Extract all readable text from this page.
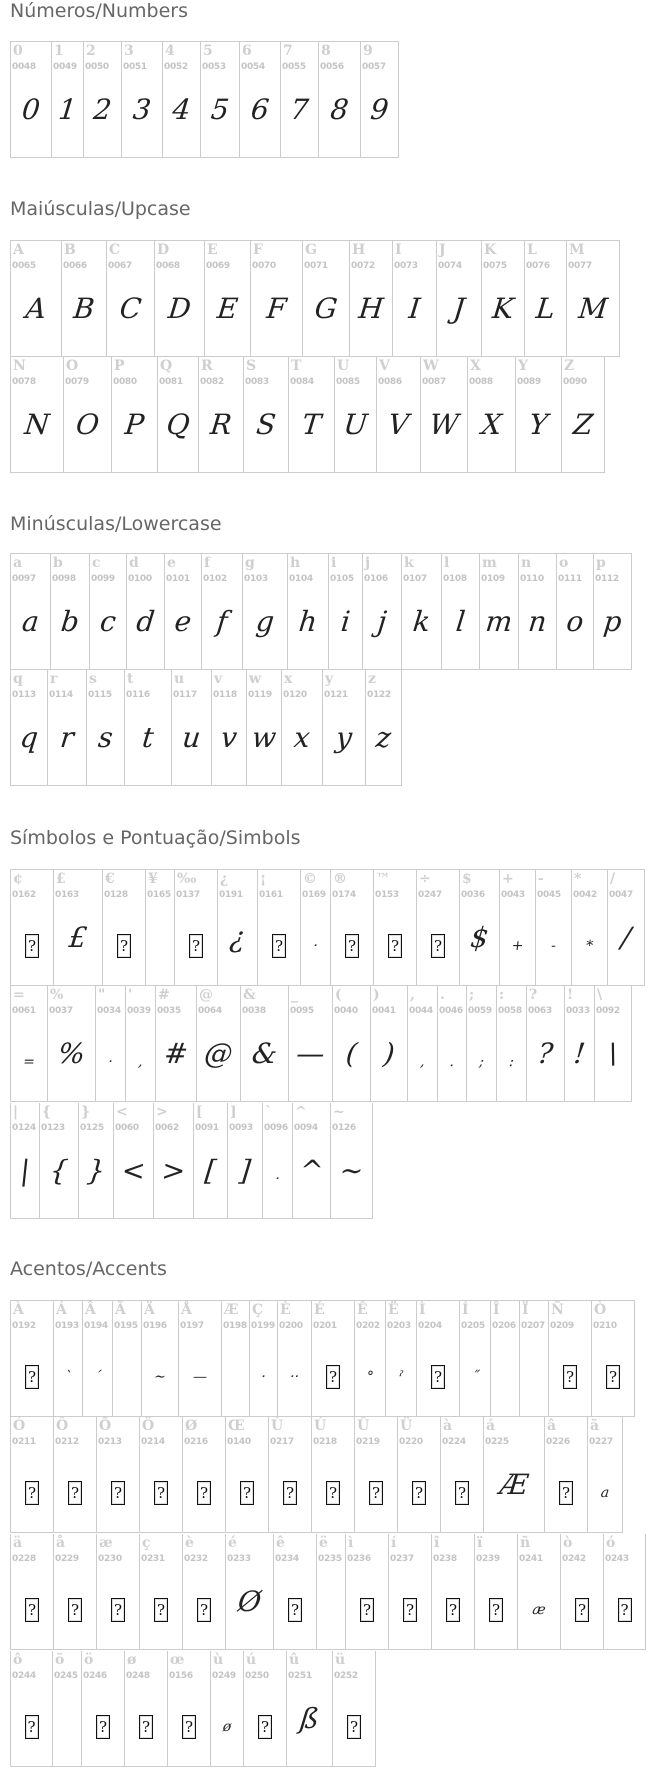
Números/Numbers
0
0048
0
1
0049
1
2
0050
2
3
0051
3
4
0052
4
5
0053
5
6
0054
6
7
0055
7
8
0056
8
9
0057
9
Maiúsculas/Upcase
A
0065
A
B
0066
B
C
0067
C
D
0068
D
E
0069
E
F
0070
F
G
0071
G
H
0072
H
I
0073
I
J
0074
J
K
0075
K
L
0076
L
M
0077
M
N
0078
N
O
0079
O
P
0080
P
Q
0081
Q
R
0082
R
S
0083
S
T
0084
T
U
0085
U
V
0086
V
W
0087
W
X
0088
X
Y
0089
Y
Z
0090
Z
Minúsculas/Lowercase
a
0097
a
b
0098
b
c
0099
c
d
0100
d
e
0101
e
f
0102
f
g
0103
g
h
0104
h
i
0105
i
j
0106
j
k
0107
k
l
0108
l
m
0109
m
n
0110
n
o
0111
o
p
0112
p
q
0113
q
r
0114
r
s
0115
s
t
0116
t
u
0117
u
v
0118
v
w
0119
w
x
0120
x
y
0121
y
z
0122
z
Símbolos e Pontuação/Simbols
¢
0162
?
£
0163
£
€
0128
?
¥
0165
‰
0137
?
¿
0191
¿
¡
0161
?
©
0169
·
®
0174
?
™
0153
?
÷
0247
?
$
0036
$
+
0043
+
-
0045
-
*
0042
*
/
0047
/
=
0061
=
%
0037
%
"
0034
·
'
0039
,
#
0035
#
@
0064
@
&
0038
&
_
0095
—
(
0040
(
)
0041
)
,
0044
,
.
0046
.
;
0059
;
:
0058
:
?
0063
?
!
0033
!
\
0092
\
|
0124
|
{
0123
{
}
0125
}
<
0060
<
>
0062
>
[
0091
[
]
0093
]
`
0096
·
^
0094
^
~
0126
~
Acentos/Accents
À
0192
?
Á
0193
`
Â
0194
´
Ã
0195
Ä
0196
~
Å
0197
—
Æ
0198
Ç
0199
·
È
0200
··
É
0201
?
Ê
0202
°
Ë
0203
ˀ
Ì
0204
?
Í
0205
˝
Î
0206
Ï
0207
Ñ
0209
?
Ò
0210
?
Ó
0211
?
Ô
0212
?
Õ
0213
?
Ö
0214
?
Ø
0216
?
Œ
0140
?
Ù
0217
?
Ú
0218
?
Û
0219
?
Ü
0220
?
à
0224
?
á
0225
Æ
â
0226
?
ã
0227
a
ä
0228
?
å
0229
?
æ
0230
?
ç
0231
?
è
0232
?
é
0233
Ø
ê
0234
?
ë
0235
ì
0236
?
í
0237
?
î
0238
?
ï
0239
?
ñ
0241
æ
ò
0242
?
ó
0243
?
ô
0244
?
õ
0245
ö
0246
?
ø
0248
?
œ
0156
?
ù
0249
ø
ú
0250
?
û
0251
ß
ü
0252
?
